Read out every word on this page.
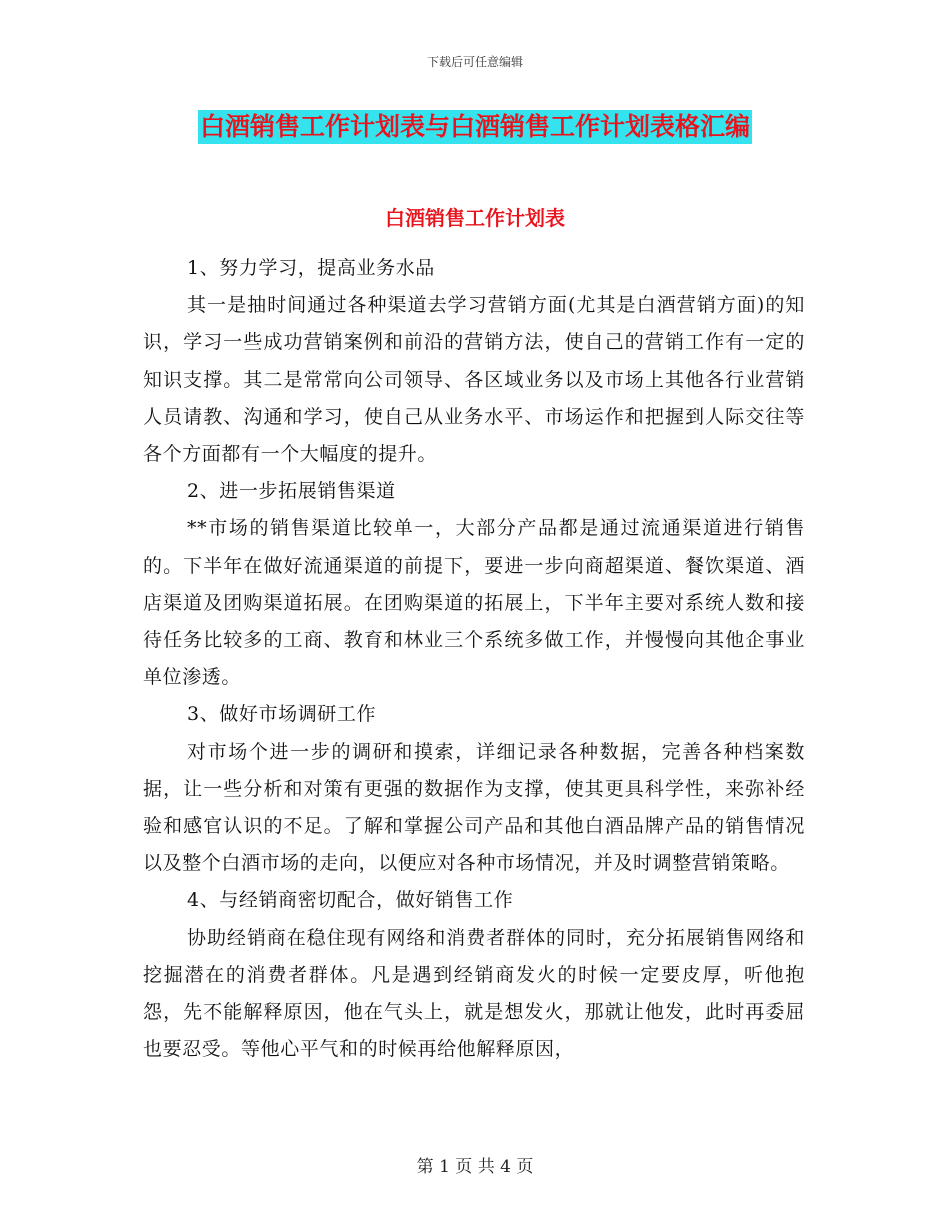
下载后可任意编辑
白酒销售工作计划表与白酒销售工作计划表格汇编
白酒销售工作计划表

1、努力学习，提高业务水品

其一是抽时间通过各种渠道去学习营销方面(尤其是白酒营销方面)的知识，学习一些成功营销案例和前沿的营销方法，使自己的营销工作有一定的知识支撑。其二是常常向公司领导、各区域业务以及市场上其他各行业营销人员请教、沟通和学习，使自己从业务水平、市场运作和把握到人际交往等各个方面都有一个大幅度的提升。

2、进一步拓展销售渠道

**市场的销售渠道比较单一，大部分产品都是通过流通渠道进行销售的。下半年在做好流通渠道的前提下，要进一步向商超渠道、餐饮渠道、酒店渠道及团购渠道拓展。在团购渠道的拓展上，下半年主要对系统人数和接待任务比较多的工商、教育和林业三个系统多做工作，并慢慢向其他企事业单位渗透。

3、做好市场调研工作

对市场个进一步的调研和摸索，详细记录各种数据，完善各种档案数据，让一些分析和对策有更强的数据作为支撑，使其更具科学性，来弥补经验和感官认识的不足。了解和掌握公司产品和其他白酒品牌产品的销售情况以及整个白酒市场的走向，以便应对各种市场情况，并及时调整营销策略。

4、与经销商密切配合，做好销售工作

协助经销商在稳住现有网络和消费者群体的同时，充分拓展销售网络和挖掘潜在的消费者群体。凡是遇到经销商发火的时候一定要皮厚，听他抱怨，先不能解释原因，他在气头上，就是想发火，那就让他发，此时再委屈也要忍受。等他心平气和的时候再给他解释原因，

第 1 页 共 4 页
